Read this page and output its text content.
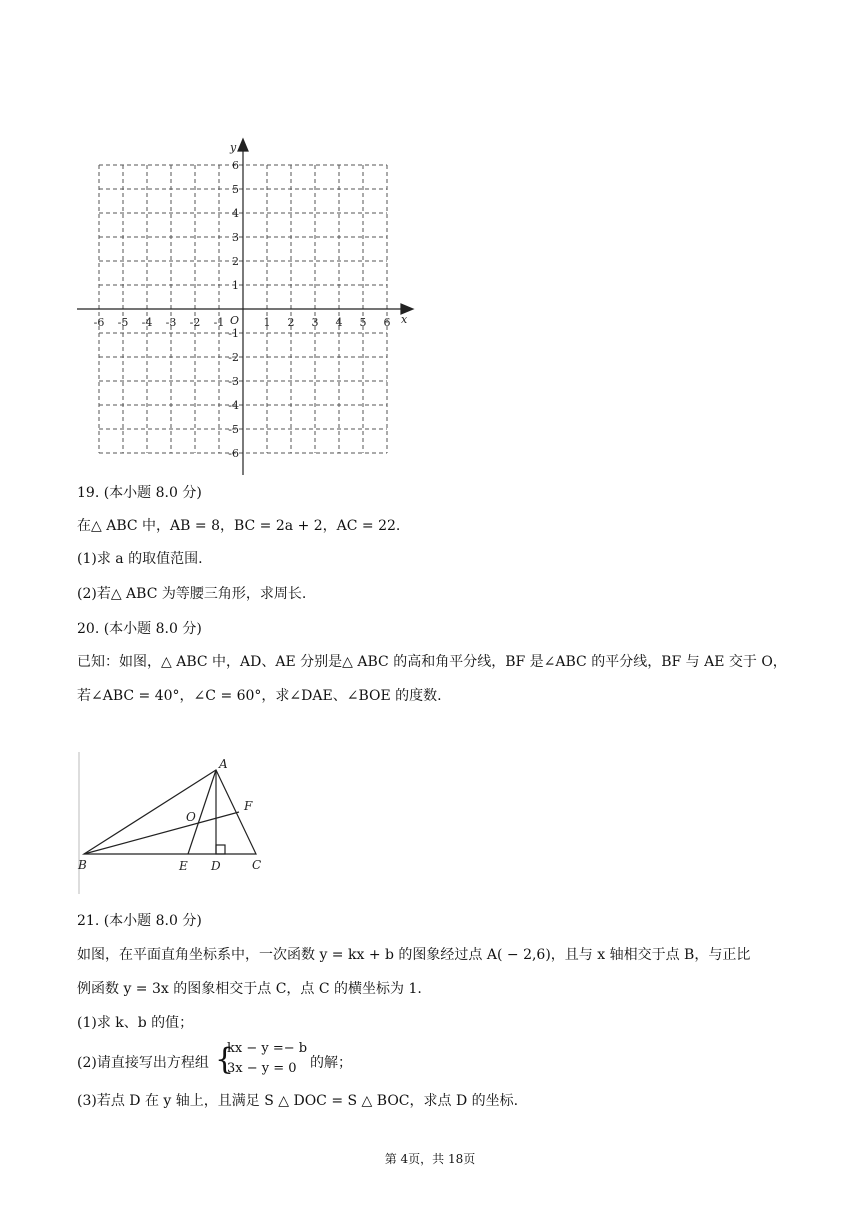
-6 -5 -4 -3 -2 -1	1 2 3 4 5 6
6
5
4
3
2
1
-1
-2
-3
-4
-5
-6
O	x
y
19. (本小题 8.0 分)
在△ ABC 中，AB = 8，BC = 2a + 2，AC = 22.
(1)求 a 的取值范围.
(2)若△ ABC 为等腰三角形，求周长.
20. (本小题 8.0 分)
已知：如图，△ ABC 中，AD、AE 分别是△ ABC 的高和角平分线，BF 是∠ABC 的平分线，BF 与 AE 交于 O，
若∠ABC = 40°，∠C = 60°，求∠DAE、∠BOE 的度数.
A
B	C
D
E
F
O
21. (本小题 8.0 分)
如图，在平面直角坐标系中，一次函数 y = kx + b 的图象经过点 A( − 2,6)，且与 x 轴相交于点 B，与正比
例函数 y = 3x 的图象相交于点 C，点 C 的横坐标为 1.
(1)求 k、b 的值；
(2)请直接写出方程组 {
kx − y =− b
3x − y = 0 的解；
(3)若点 D 在 y 轴上，且满足 S △ DOC = S △ BOC，求点 D 的坐标.
第 4页，共 18页
